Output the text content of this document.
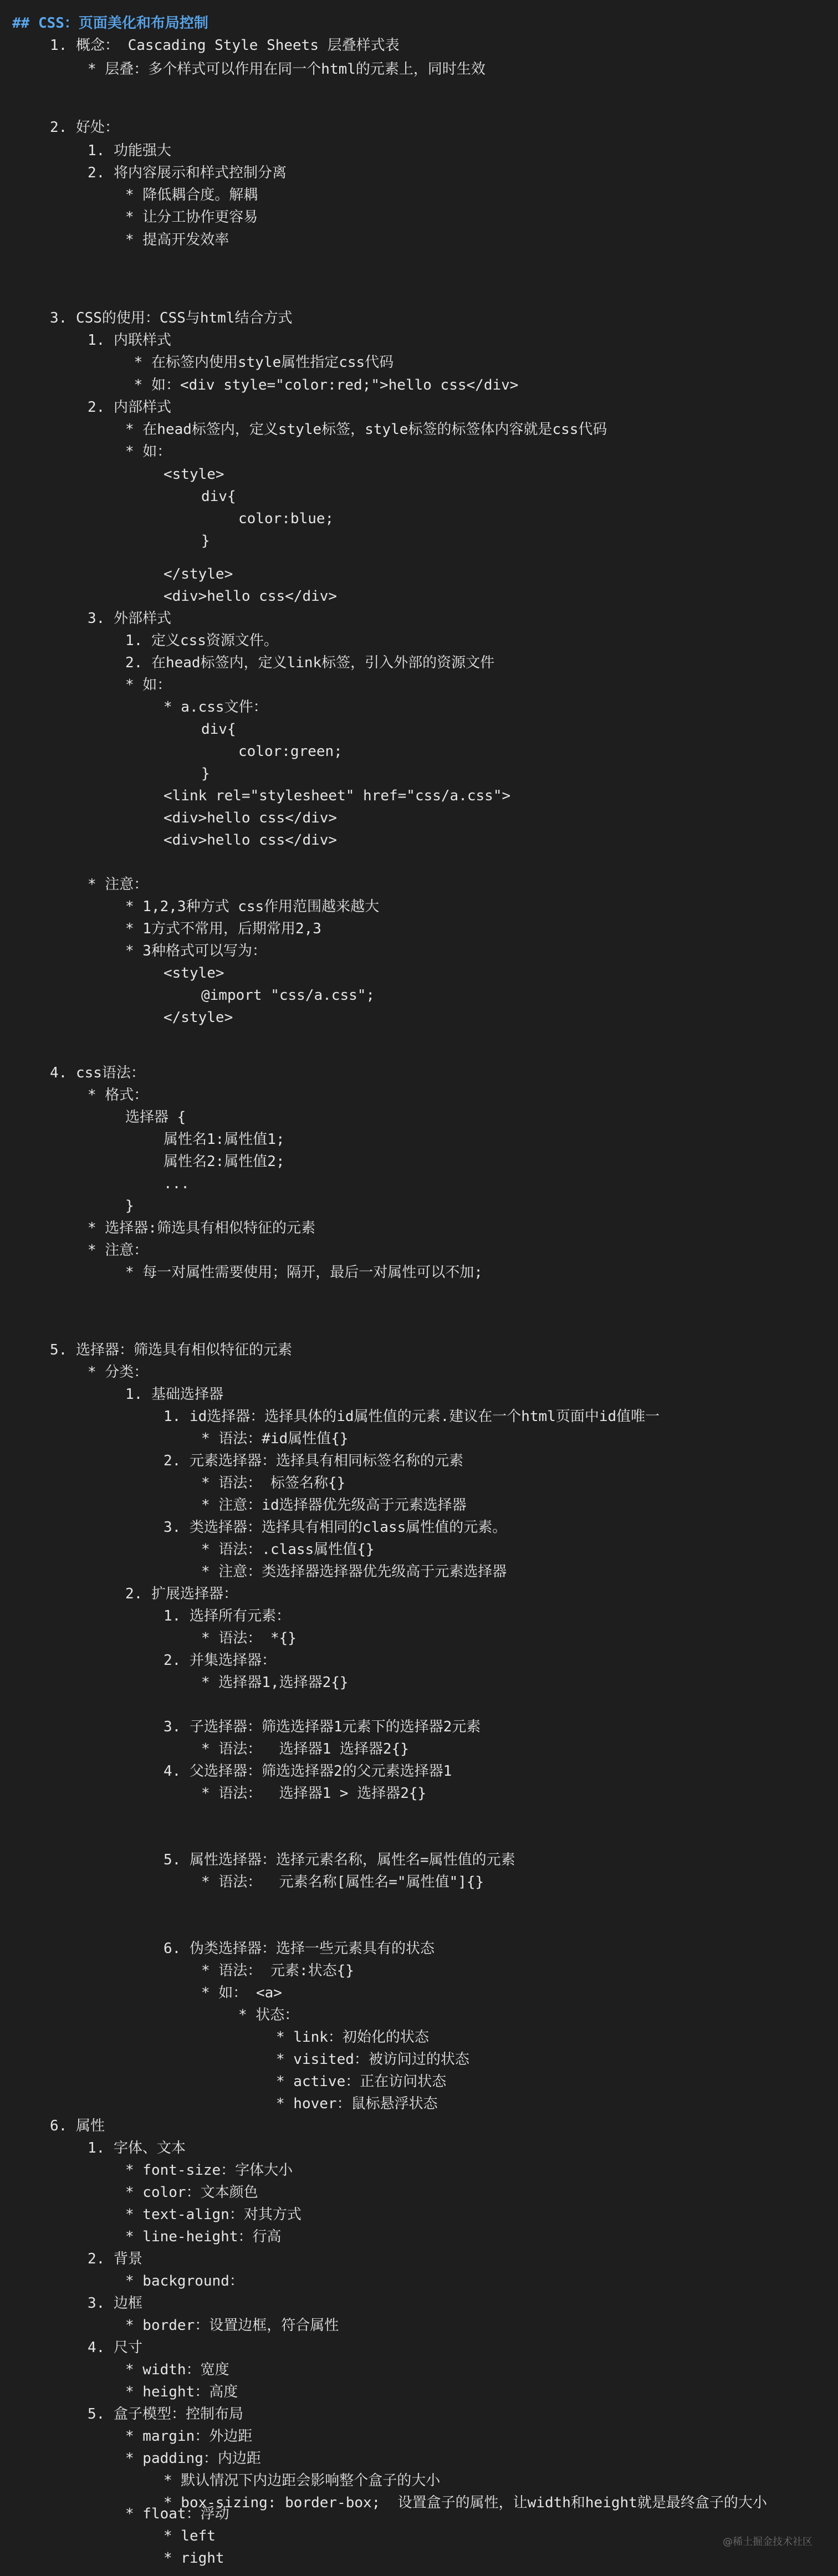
## CSS：页面美化和布局控制
1. 概念： Cascading Style Sheets 层叠样式表
* 层叠：多个样式可以作用在同一个html的元素上，同时生效
2. 好处：
1. 功能强大
2. 将内容展示和样式控制分离
* 降低耦合度。解耦
* 让分工协作更容易
* 提高开发效率
3. CSS的使用：CSS与html结合方式
1. 内联样式
* 在标签内使用style属性指定css代码
* 如：<div style="color:red;">hello css</div>
2. 内部样式
* 在head标签内，定义style标签，style标签的标签体内容就是css代码
* 如：
<style>
div{
color:blue;
}
</style>
<div>hello css</div>
3. 外部样式
1. 定义css资源文件。
2. 在head标签内，定义link标签，引入外部的资源文件
* 如：
* a.css文件：
div{
color:green;
}
<link rel="stylesheet" href="css/a.css">
<div>hello css</div>
<div>hello css</div>
* 注意：
* 1,2,3种方式 css作用范围越来越大
* 1方式不常用，后期常用2,3
* 3种格式可以写为：
<style>
@import "css/a.css";
</style>
4. css语法：
* 格式：
选择器 {
属性名1:属性值1;
属性名2:属性值2;
...
}
* 选择器:筛选具有相似特征的元素
* 注意：
* 每一对属性需要使用；隔开，最后一对属性可以不加;
5. 选择器：筛选具有相似特征的元素
* 分类：
1. 基础选择器
1. id选择器：选择具体的id属性值的元素.建议在一个html页面中id值唯一
* 语法：#id属性值{}
2. 元素选择器：选择具有相同标签名称的元素
* 语法： 标签名称{}
* 注意：id选择器优先级高于元素选择器
3. 类选择器：选择具有相同的class属性值的元素。
* 语法：.class属性值{}
* 注意：类选择器选择器优先级高于元素选择器
2. 扩展选择器：
1. 选择所有元素：
* 语法： *{}
2. 并集选择器：
* 选择器1,选择器2{}
3. 子选择器：筛选选择器1元素下的选择器2元素
* 语法：  选择器1 选择器2{}
4. 父选择器：筛选选择器2的父元素选择器1
* 语法：  选择器1 > 选择器2{}
5. 属性选择器：选择元素名称，属性名=属性值的元素
* 语法：  元素名称[属性名="属性值"]{}
6. 伪类选择器：选择一些元素具有的状态
* 语法： 元素:状态{}
* 如： <a>
* 状态：
* link：初始化的状态
* visited：被访问过的状态
* active：正在访问状态
* hover：鼠标悬浮状态
6. 属性
1. 字体、文本
* font-size：字体大小
* color：文本颜色
* text-align：对其方式
* line-height：行高
2. 背景
* background：
3. 边框
* border：设置边框，符合属性
4. 尺寸
* width：宽度
* height：高度
5. 盒子模型：控制布局
* margin：外边距
* padding：内边距
* 默认情况下内边距会影响整个盒子的大小
* box-sizing: border-box;  设置盒子的属性，让width和height就是最终盒子的大小
* float：浮动
* left
* right
@稀土掘金技术社区
